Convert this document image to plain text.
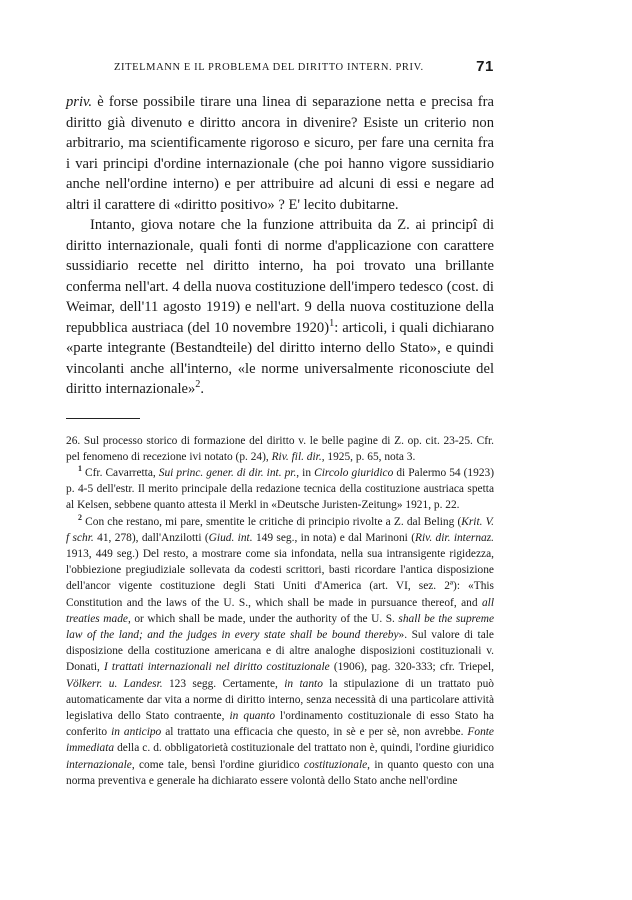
ZITELMANN E IL PROBLEMA DEL DIRITTO INTERN. PRIV.	71

priv. è forse possibile tirare una linea di separazione netta e precisa fra diritto già divenuto e diritto ancora in divenire? Esiste un criterio non arbitrario, ma scientificamente rigoroso e sicuro, per fare una cernita fra i vari principi d'ordine internazionale (che poi hanno vigore sussidiario anche nell'ordine interno) e per attribuire ad alcuni di essi e negare ad altri il carattere di «diritto positivo» ? E' lecito dubitarne.

Intanto, giova notare che la funzione attribuita da Z. ai principî di diritto internazionale, quali fonti di norme d'applicazione con carattere sussidiario recette nel diritto interno, ha poi trovato una brillante conferma nell'art. 4 della nuova costituzione dell'impero tedesco (cost. di Weimar, dell'11 agosto 1919) e nell'art. 9 della nuova costituzione della repubblica austriaca (del 10 novembre 1920)$^1$: articoli, i quali dichiarano «parte integrante (Bestandteile) del diritto interno dello Stato», e quindi vincolanti anche all'interno, «le norme universalmente riconosciute del diritto internazionale»$^2$.

26. Sul processo storico di formazione del diritto v. le belle pagine di Z. op. cit. 23-25. Cfr. pel fenomeno di recezione ivi notato (p. 24), Riv. fil. dir., 1925, p. 65, nota 3.

$^1$ Cfr. Cavarretta, Sui princ. gener. di dir. int. pr., in Circolo giuridico di Palermo 54 (1923) p. 4-5 dell'estr. Il merito principale della redazione tecnica della costituzione austriaca spetta al Kelsen, sebbene quanto attesta il Merkl in «Deutsche Juristen-Zeitung» 1921, p. 22.

$^2$ Con che restano, mi pare, smentite le critiche di principio rivolte a Z. dal Beling (Krit. V. f schr. 41, 278), dall'Anzilotti (Giud. int. 149 seg., in nota) e dal Marinoni (Riv. dir. internaz. 1913, 449 seg.) Del resto, a mostrare come sia infondata, nella sua intransigente rigidezza, l'obbiezione pregiudiziale sollevata da codesti scrittori, basti ricordare l'antica disposizione dell'ancor vigente costituzione degli Stati Uniti d'America (art. VI, sez. 2ª): «This Constitution and the laws of the U. S., which shall be made in pursuance thereof, and all treaties made, or which shall be made, under the authority of the U. S. shall be the supreme law of the land; and the judges in every state shall be bound thereby». Sul valore di tale disposizione della costituzione americana e di altre analoghe disposizioni costituzionali v. Donati, I trattati internazionali nel diritto costituzionale (1906), pag. 320-333; cfr. Triepel, Völkerr. u. Landesr. 123 segg. Certamente, in tanto la stipulazione di un trattato può automaticamente dar vita a norme di diritto interno, senza necessità di una particolare attività legislativa dello Stato contraente, in quanto l'ordinamento costituzionale di esso Stato ha conferito in anticipo al trattato una efficacia che questo, in sè e per sè, non avrebbe. Fonte immediata della c. d. obbligatorietà costituzionale del trattato non è, quindi, l'ordine giuridico internazionale, come tale, bensì l'ordine giuridico costituzionale, in quanto questo con una norma preventiva e generale ha dichiarato essere volontà dello Stato anche nell'ordine
